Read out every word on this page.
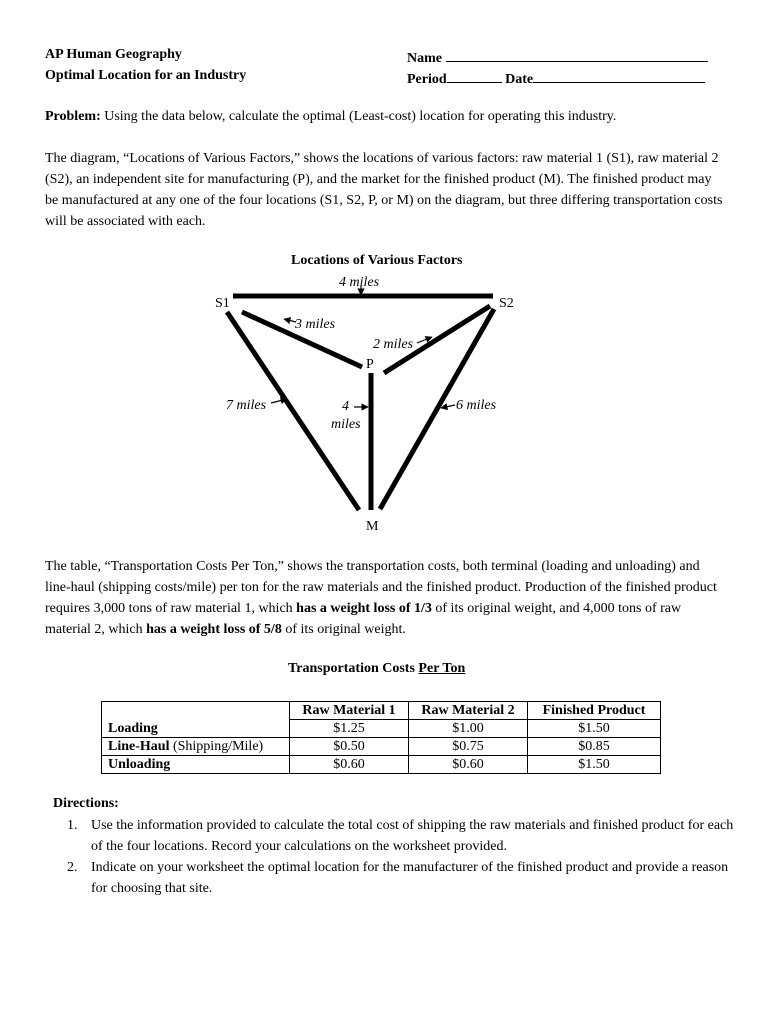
AP Human Geography
Optimal Location for an Industry
Name
Period	Date
Problem: Using the data below, calculate the optimal (Least-cost) location for operating this industry.

The diagram, “Locations of Various Factors,” shows the locations of various factors: raw material 1 (S1), raw material 2 (S2), an independent site for manufacturing (P), and the market for the finished product (M). The finished product may be manufactured at any one of the four locations (S1, S2, P, or M) on the diagram, but three differing transportation costs will be associated with each.

Locations of Various Factors
S1	S2
P
M
4 miles
3 miles
2 miles
7 miles	4
miles
6 miles

The table, “Transportation Costs Per Ton,” shows the transportation costs, both terminal (loading and unloading) and line-haul (shipping costs/mile) per ton for the raw materials and the finished product. Production of the finished product requires 3,000 tons of raw material 1, which has a weight loss of 1/3 of its original weight, and 4,000 tons of raw material 2, which has a weight loss of 5/8 of its original weight.

Transportation Costs Per Ton
	Raw Material 1	Raw Material 2	Finished Product
Loading	$1.25	$1.00	$1.50
Line-Haul (Shipping/Mile)	$0.50	$0.75	$0.85
Unloading	$0.60	$0.60	$1.50
Directions:
1. Use the information provided to calculate the total cost of shipping the raw materials and finished product for each of the four locations. Record your calculations on the worksheet provided.
2. Indicate on your worksheet the optimal location for the manufacturer of the finished product and provide a reason for choosing that site.
